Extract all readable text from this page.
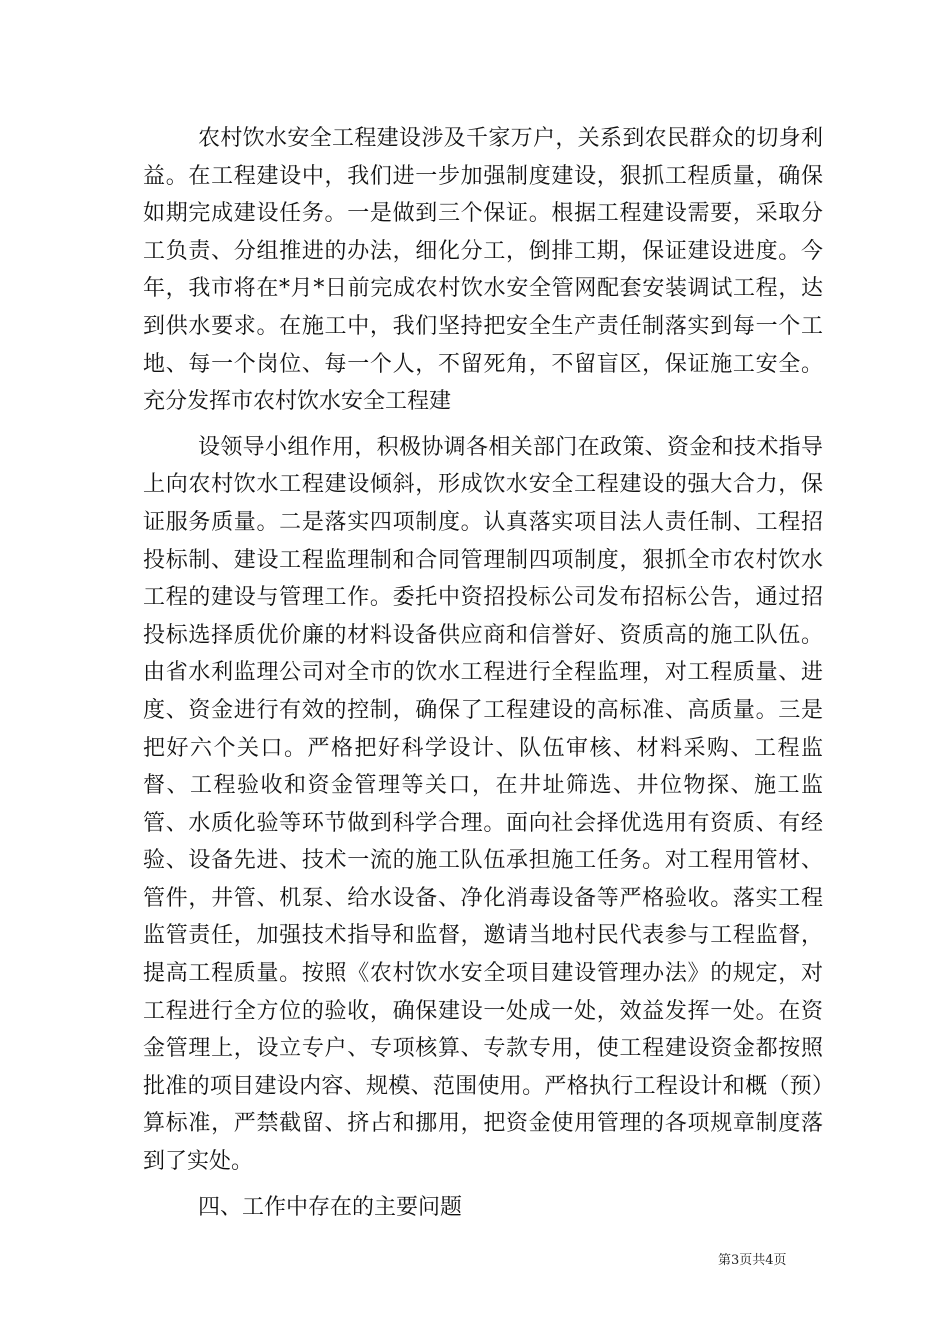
农村饮水安全工程建设涉及千家万户，关系到农民群众的切身利益。在工程建设中，我们进一步加强制度建设，狠抓工程质量，确保如期完成建设任务。一是做到三个保证。根据工程建设需要，采取分工负责、分组推进的办法，细化分工，倒排工期，保证建设进度。今年，我市将在*月*日前完成农村饮水安全管网配套安装调试工程，达到供水要求。在施工中，我们坚持把安全生产责任制落实到每一个工地、每一个岗位、每一个人，不留死角，不留盲区，保证施工安全。充分发挥市农村饮水安全工程建

设领导小组作用，积极协调各相关部门在政策、资金和技术指导上向农村饮水工程建设倾斜，形成饮水安全工程建设的强大合力，保证服务质量。二是落实四项制度。认真落实项目法人责任制、工程招投标制、建设工程监理制和合同管理制四项制度，狠抓全市农村饮水工程的建设与管理工作。委托中资招投标公司发布招标公告，通过招投标选择质优价廉的材料设备供应商和信誉好、资质高的施工队伍。由省水利监理公司对全市的饮水工程进行全程监理，对工程质量、进度、资金进行有效的控制，确保了工程建设的高标准、高质量。三是把好六个关口。严格把好科学设计、队伍审核、材料采购、工程监督、工程验收和资金管理等关口，在井址筛选、井位物探、施工监管、水质化验等环节做到科学合理。面向社会择优选用有资质、有经验、设备先进、技术一流的施工队伍承担施工任务。对工程用管材、管件，井管、机泵、给水设备、净化消毒设备等严格验收。落实工程监管责任，加强技术指导和监督，邀请当地村民代表参与工程监督，提高工程质量。按照《农村饮水安全项目建设管理办法》的规定，对工程进行全方位的验收，确保建设一处成一处，效益发挥一处。在资金管理上，设立专户、专项核算、专款专用，使工程建设资金都按照批准的项目建设内容、规模、范围使用。严格执行工程设计和概（预）算标准，严禁截留、挤占和挪用，把资金使用管理的各项规章制度落到了实处。

四、工作中存在的主要问题

第3页共4页
